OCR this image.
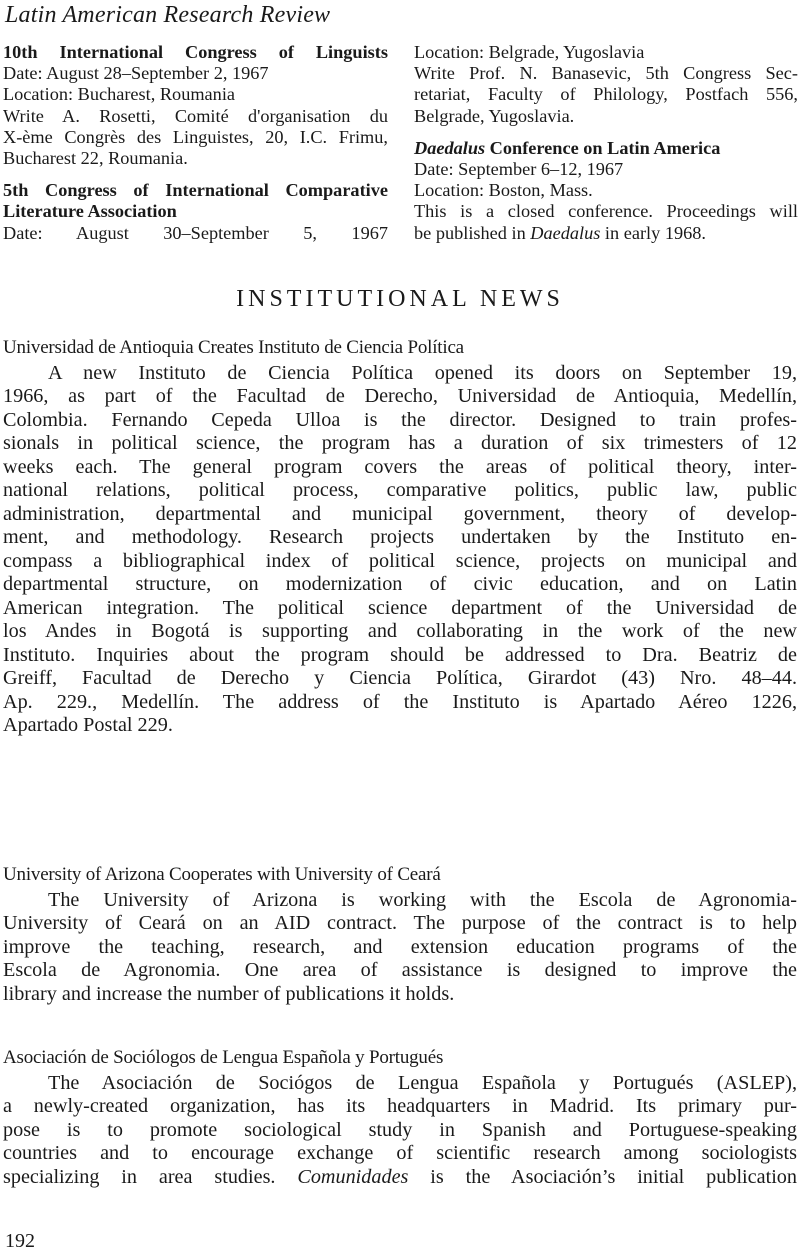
Latin American Research Review
10th International Congress of Linguists
Date: August 28–September 2, 1967
Location: Bucharest, Roumania
Write A. Rosetti, Comité d'organisation du
X-ème Congrès des Linguistes, 20, I.C. Frimu,
Bucharest 22, Roumania.
5th Congress of International Comparative
Literature Association
Date: August 30–September 5, 1967
Location: Belgrade, Yugoslavia
Write Prof. N. Banasevic, 5th Congress Sec-
retariat, Faculty of Philology, Postfach 556,
Belgrade, Yugoslavia.
Daedalus Conference on Latin America
Date: September 6–12, 1967
Location: Boston, Mass.
This is a closed conference. Proceedings will
be published in Daedalus in early 1968.
INSTITUTIONAL NEWS
Universidad de Antioquia Creates Instituto de Ciencia Política
A new Instituto de Ciencia Política opened its doors on September 19,
1966, as part of the Facultad de Derecho, Universidad de Antioquia, Medellín,
Colombia. Fernando Cepeda Ulloa is the director. Designed to train profes-
sionals in political science, the program has a duration of six trimesters of 12
weeks each. The general program covers the areas of political theory, inter-
national relations, political process, comparative politics, public law, public
administration, departmental and municipal government, theory of develop-
ment, and methodology. Research projects undertaken by the Instituto en-
compass a bibliographical index of political science, projects on municipal and
departmental structure, on modernization of civic education, and on Latin
American integration. The political science department of the Universidad de
los Andes in Bogotá is supporting and collaborating in the work of the new
Instituto. Inquiries about the program should be addressed to Dra. Beatriz de
Greiff, Facultad de Derecho y Ciencia Política, Girardot (43) Nro. 48–44.
Ap. 229., Medellín. The address of the Instituto is Apartado Aéreo 1226,
Apartado Postal 229.
University of Arizona Cooperates with University of Ceará
The University of Arizona is working with the Escola de Agronomia-
University of Ceará on an AID contract. The purpose of the contract is to help
improve the teaching, research, and extension education programs of the
Escola de Agronomia. One area of assistance is designed to improve the
library and increase the number of publications it holds.
Asociación de Sociólogos de Lengua Española y Portugués
The Asociación de Sociógos de Lengua Española y Portugués (ASLEP),
a newly-created organization, has its headquarters in Madrid. Its primary pur-
pose is to promote sociological study in Spanish and Portuguese-speaking
countries and to encourage exchange of scientific research among sociologists
specializing in area studies. Comunidades is the Asociación’s initial publication
192
